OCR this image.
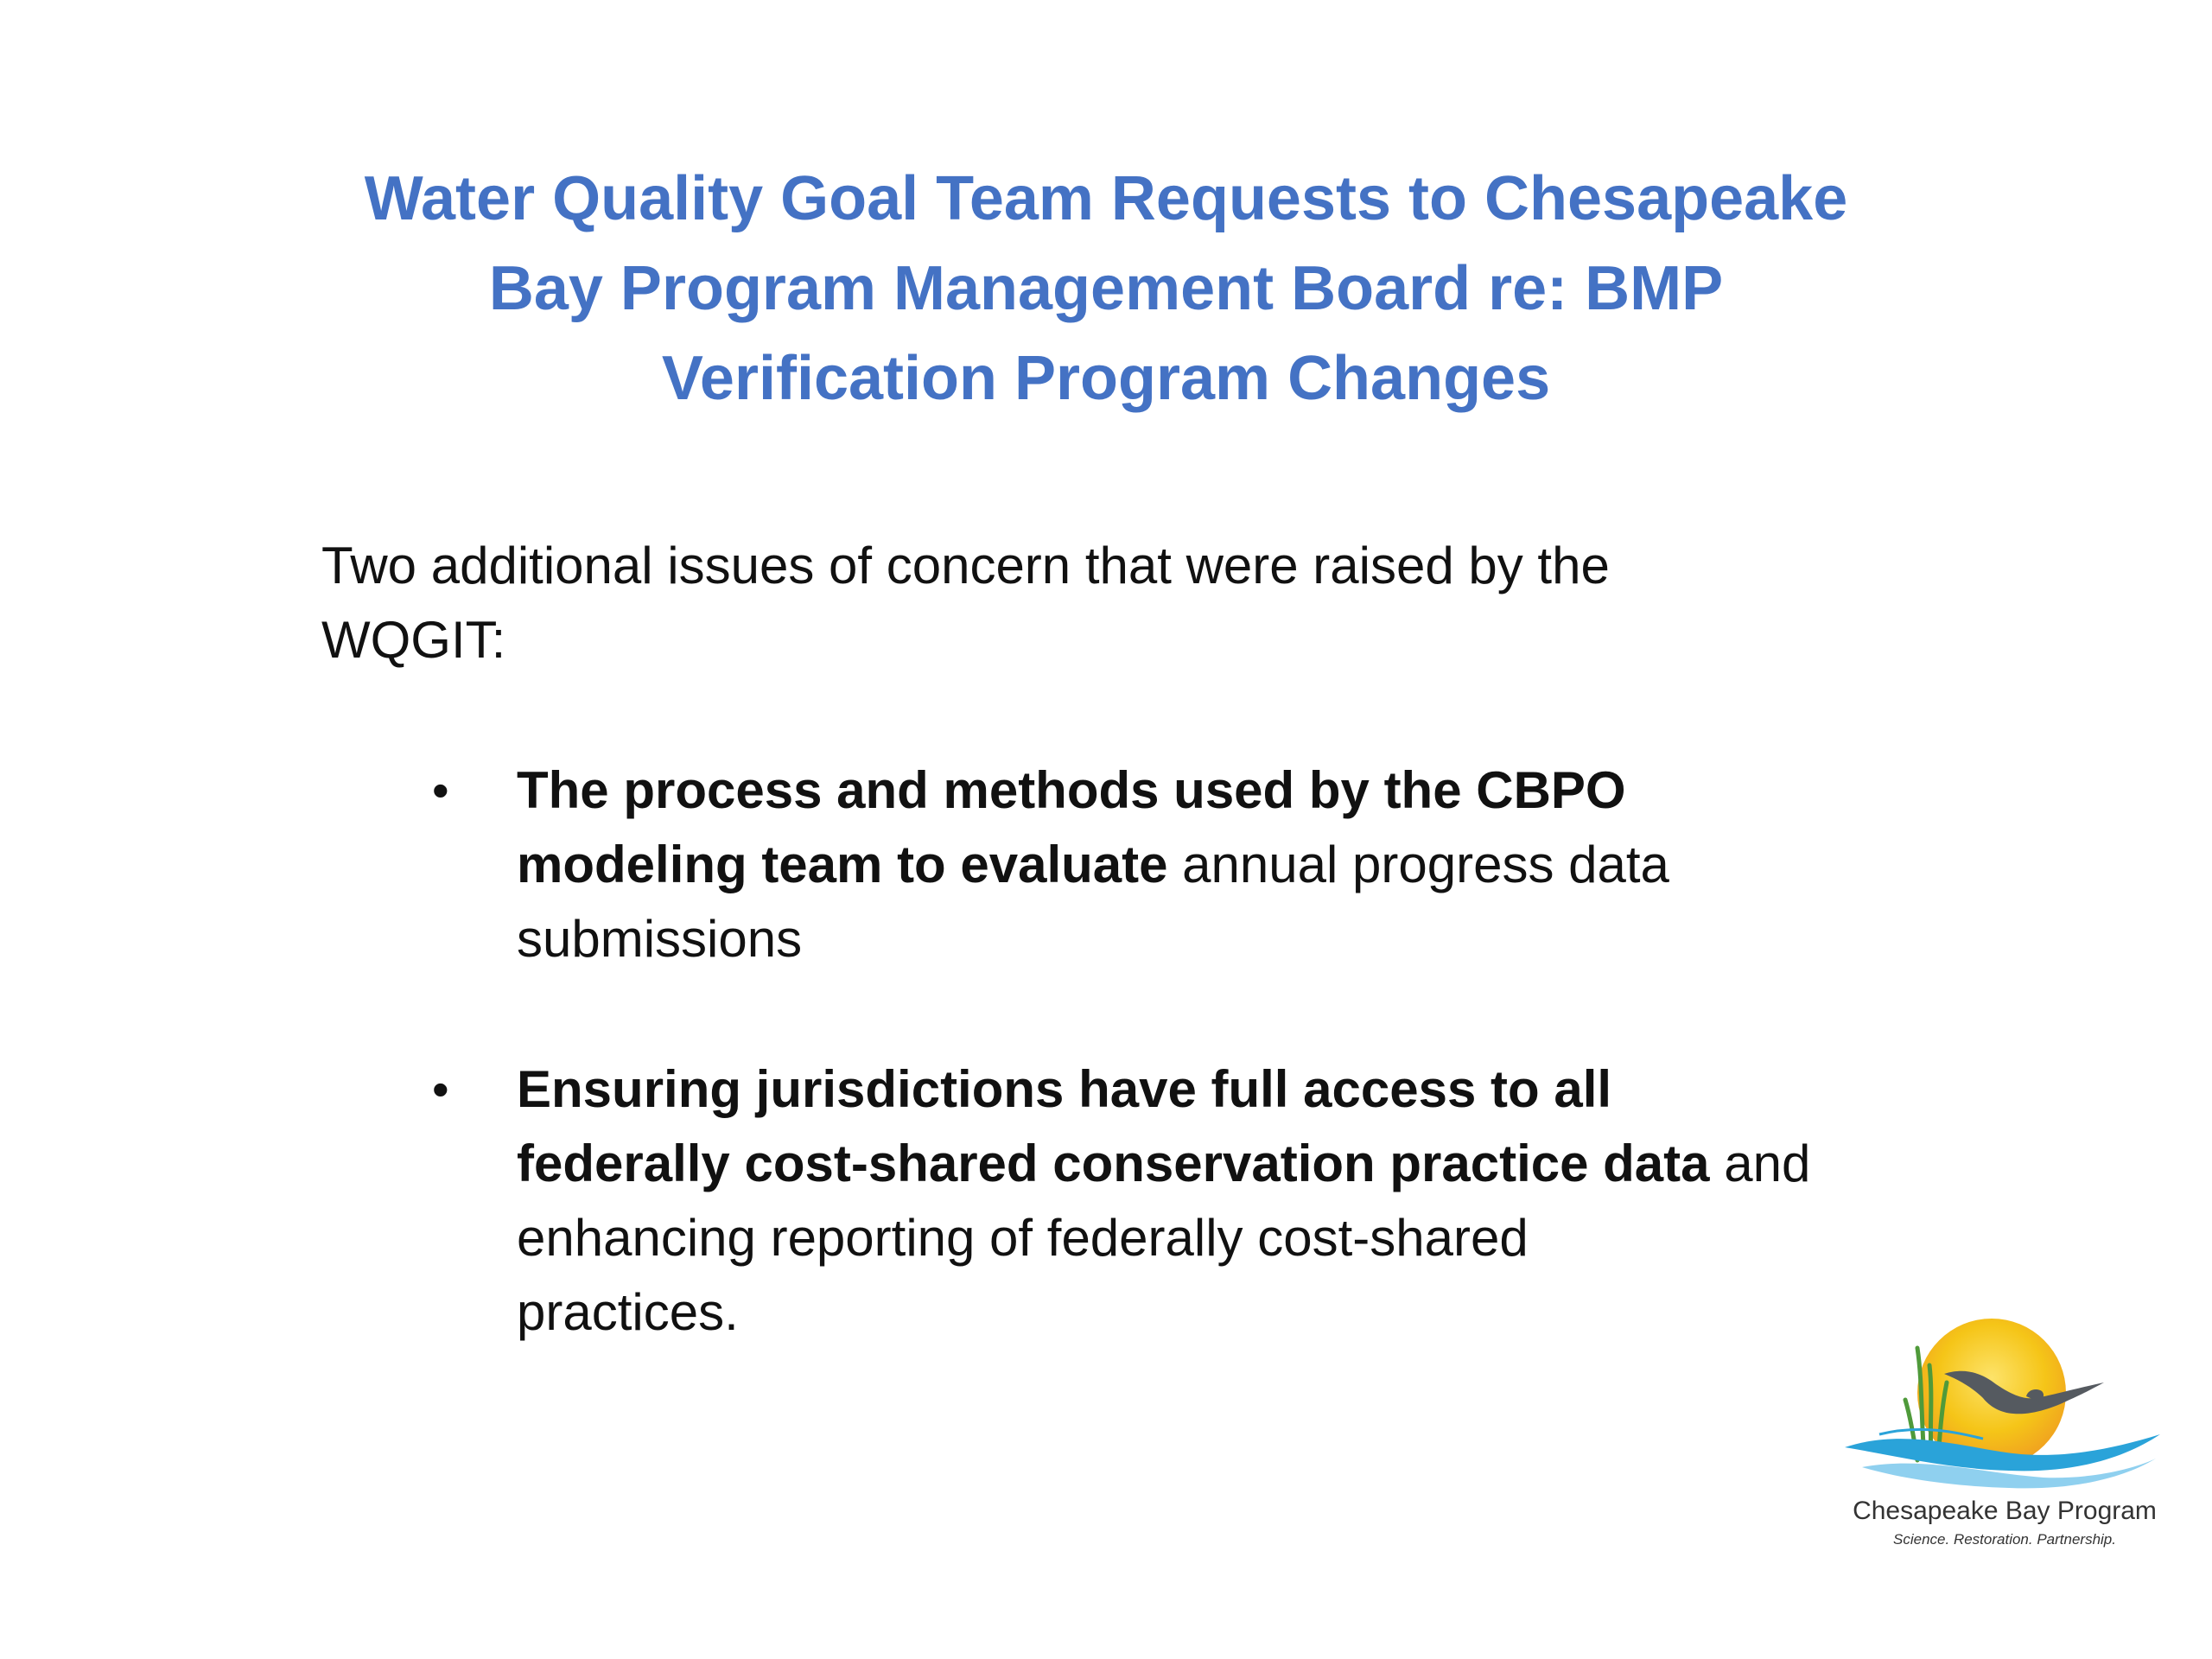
Water Quality Goal Team Requests to Chesapeake
Bay Program Management Board re: BMP
Verification Program Changes

Two additional issues of concern that were raised by the
WQGIT:

•	The process and methods used by the CBPO
modeling team to evaluate annual progress data
submissions
•	Ensuring jurisdictions have full access to all
federally cost-shared conservation practice data and
enhancing reporting of federally cost-shared
practices.
Chesapeake Bay Program
Science. Restoration. Partnership.
